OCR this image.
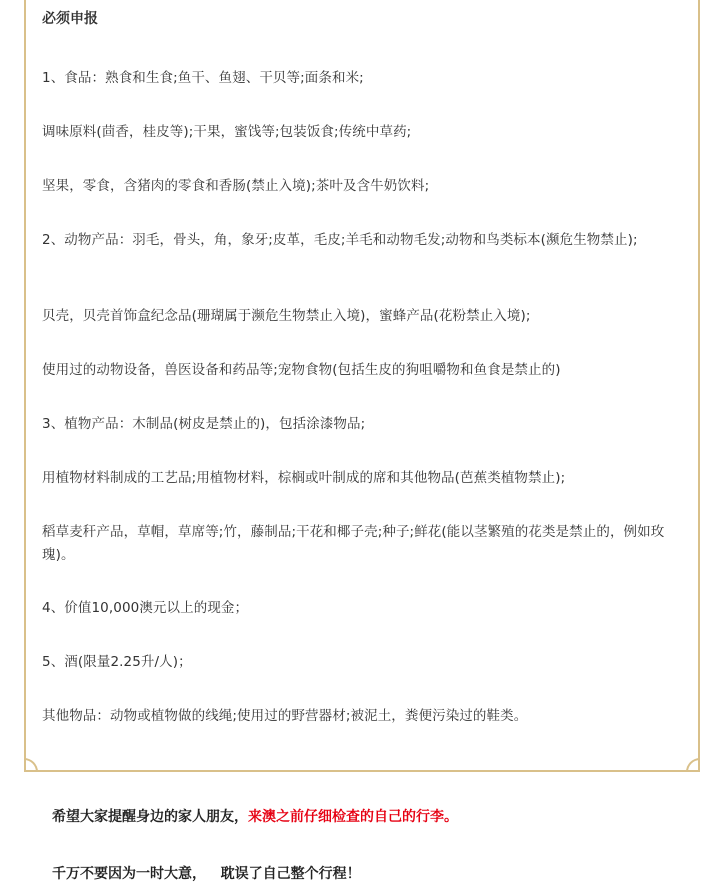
必须申报
1、食品：熟食和生食;鱼干、鱼翅、干贝等;面条和米;
调味原料(茴香，桂皮等);干果，蜜饯等;包装饭食;传统中草药;
坚果，零食，含猪肉的零食和香肠(禁止入境);茶叶及含牛奶饮料;
2、动物产品：羽毛，骨头，角，象牙;皮革，毛皮;羊毛和动物毛发;动物和鸟类标本(濒危生物禁止);
贝壳，贝壳首饰盒纪念品(珊瑚属于濒危生物禁止入境)，蜜蜂产品(花粉禁止入境);
使用过的动物设备，兽医设备和药品等;宠物食物(包括生皮的狗咀嚼物和鱼食是禁止的)
3、植物产品：木制品(树皮是禁止的)，包括涂漆物品;
用植物材料制成的工艺品;用植物材料，棕榈或叶制成的席和其他物品(芭蕉类植物禁止);
稻草麦秆产品，草帽，草席等;竹，藤制品;干花和椰子壳;种子;鲜花(能以茎繁殖的花类是禁止的，例如玫瑰)。
4、价值10,000澳元以上的现金；
5、酒(限量2.25升/人)；
其他物品：动物或植物做的线绳;使用过的野营器材;被泥土，粪便污染过的鞋类。
希望大家提醒身边的家人朋友，来澳之前仔细检查的自己的行李。
千万不要因为一时大意，   耽误了自己整个行程！
